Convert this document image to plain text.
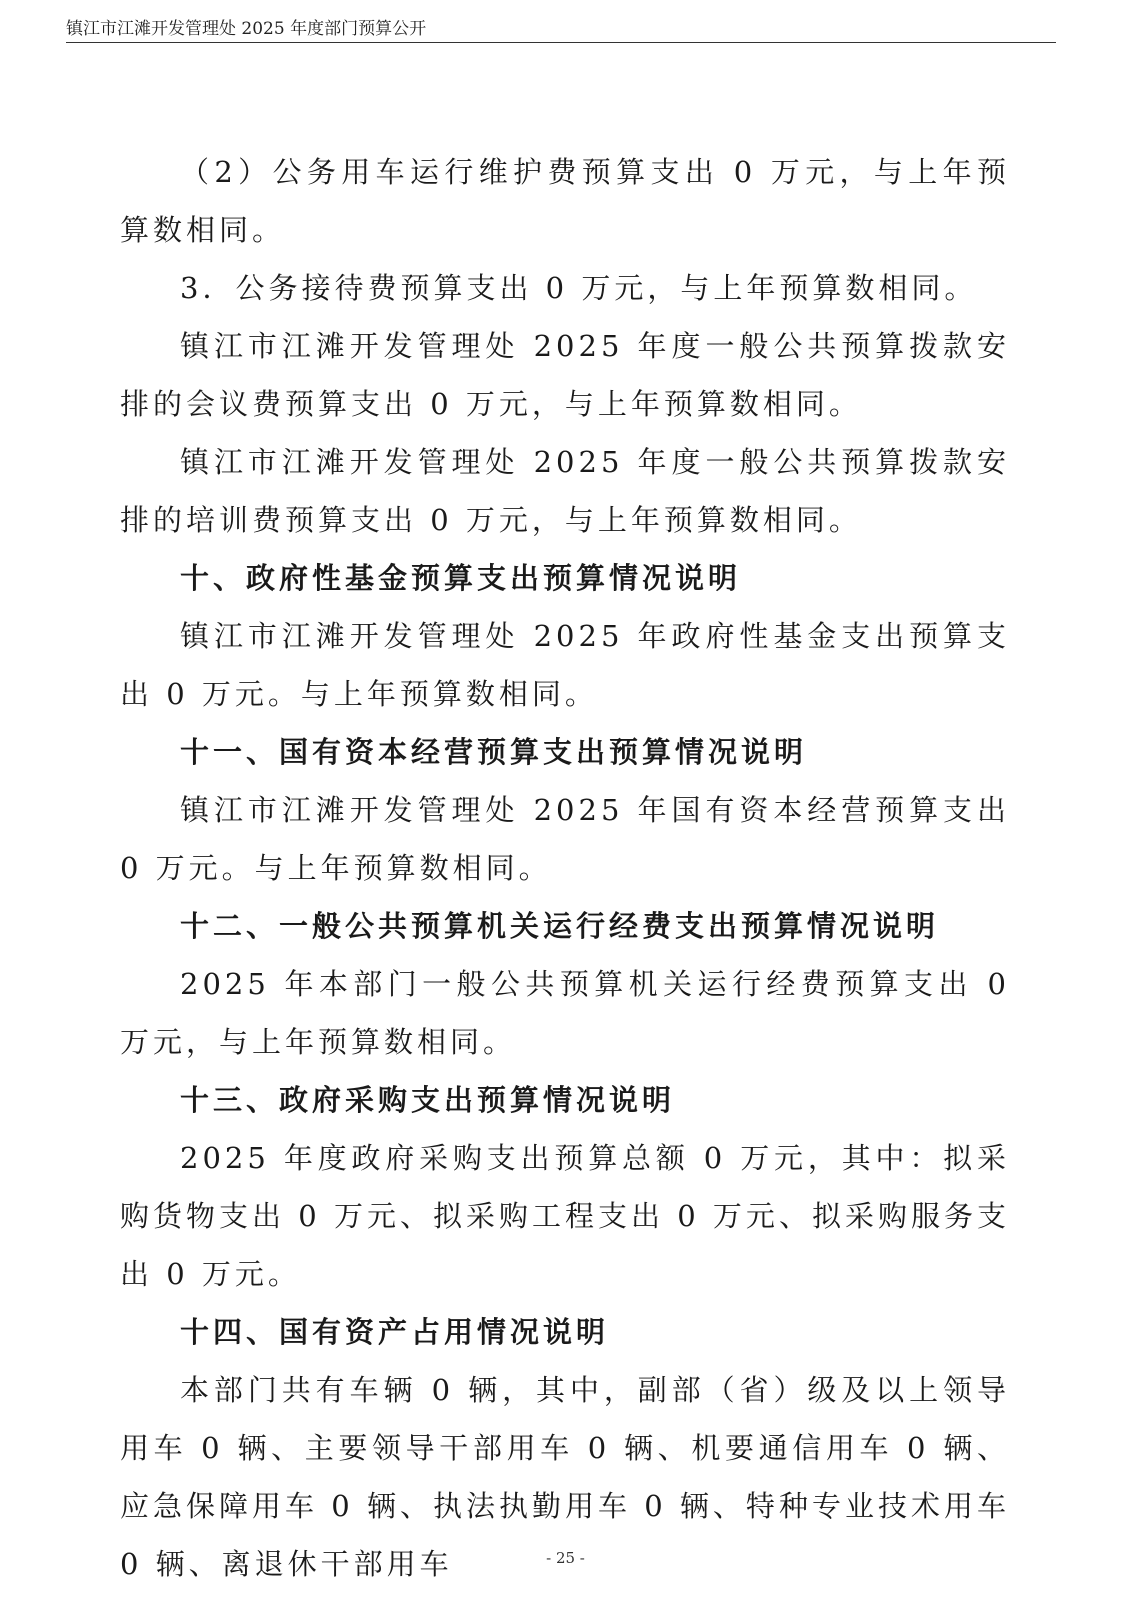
镇江市江滩开发管理处 2025 年度部门预算公开

（2）公务用车运行维护费预算支出 0 万元，与上年预算数相同。

3．公务接待费预算支出 0 万元，与上年预算数相同。

镇江市江滩开发管理处 2025 年度一般公共预算拨款安排的会议费预算支出 0 万元，与上年预算数相同。

镇江市江滩开发管理处 2025 年度一般公共预算拨款安排的培训费预算支出 0 万元，与上年预算数相同。

十、政府性基金预算支出预算情况说明

镇江市江滩开发管理处 2025 年政府性基金支出预算支出 0 万元。与上年预算数相同。

十一、国有资本经营预算支出预算情况说明

镇江市江滩开发管理处 2025 年国有资本经营预算支出 0 万元。与上年预算数相同。

十二、一般公共预算机关运行经费支出预算情况说明

2025 年本部门一般公共预算机关运行经费预算支出 0 万元，与上年预算数相同。

十三、政府采购支出预算情况说明

2025 年度政府采购支出预算总额 0 万元，其中：拟采购货物支出 0 万元、拟采购工程支出 0 万元、拟采购服务支出 0 万元。

十四、国有资产占用情况说明

本部门共有车辆 0 辆，其中，副部（省）级及以上领导用车 0 辆、主要领导干部用车 0 辆、机要通信用车 0 辆、应急保障用车 0 辆、执法执勤用车 0 辆、特种专业技术用车 0 辆、离退休干部用车	- 25 -
